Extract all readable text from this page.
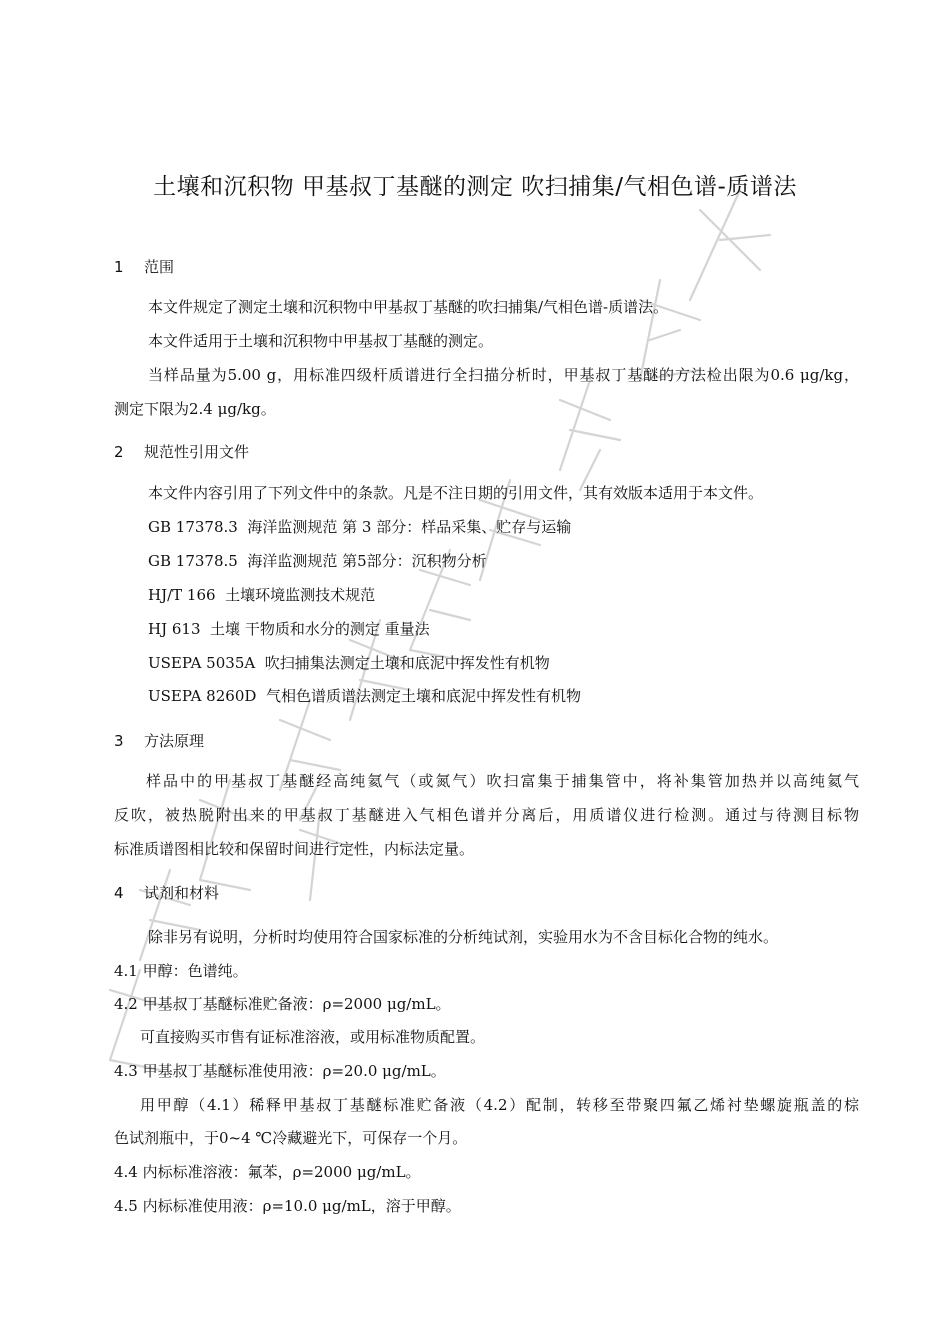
土壤和沉积物 甲基叔丁基醚的测定 吹扫捕集/气相色谱-质谱法
1 范围
本文件规定了测定土壤和沉积物中甲基叔丁基醚的吹扫捕集/气相色谱-质谱法。
本文件适用于土壤和沉积物中甲基叔丁基醚的测定。
当样品量为5.00 g，用标准四级杆质谱进行全扫描分析时，甲基叔丁基醚的方法检出限为0.6 μg/kg，
测定下限为2.4 μg/kg。
2 规范性引用文件
本文件内容引用了下列文件中的条款。凡是不注日期的引用文件，其有效版本适用于本文件。
GB 17378.3 海洋监测规范 第 3 部分：样品采集、贮存与运输
GB 17378.5 海洋监测规范 第5部分：沉积物分析
HJ/T 166 土壤环境监测技术规范
HJ 613 土壤 干物质和水分的测定 重量法
USEPA 5035A 吹扫捕集法测定土壤和底泥中挥发性有机物
USEPA 8260D 气相色谱质谱法测定土壤和底泥中挥发性有机物
3 方法原理
样品中的甲基叔丁基醚经高纯氦气（或氮气）吹扫富集于捕集管中，将补集管加热并以高纯氦气
反吹，被热脱附出来的甲基叔丁基醚进入气相色谱并分离后，用质谱仪进行检测。通过与待测目标物
标准质谱图相比较和保留时间进行定性，内标法定量。
4 试剂和材料
除非另有说明，分析时均使用符合国家标准的分析纯试剂，实验用水为不含目标化合物的纯水。
4.1 甲醇：色谱纯。
4.2 甲基叔丁基醚标准贮备液：ρ=2000 μg/mL。
可直接购买市售有证标准溶液，或用标准物质配置。
4.3 甲基叔丁基醚标准使用液：ρ=20.0 μg/mL。
用甲醇（4.1）稀释甲基叔丁基醚标准贮备液（4.2）配制，转移至带聚四氟乙烯衬垫螺旋瓶盖的棕
色试剂瓶中，于0~4 ℃冷藏避光下，可保存一个月。
4.4 内标标准溶液：氟苯，ρ=2000 μg/mL。
4.5 内标标准使用液：ρ=10.0 μg/mL，溶于甲醇。
